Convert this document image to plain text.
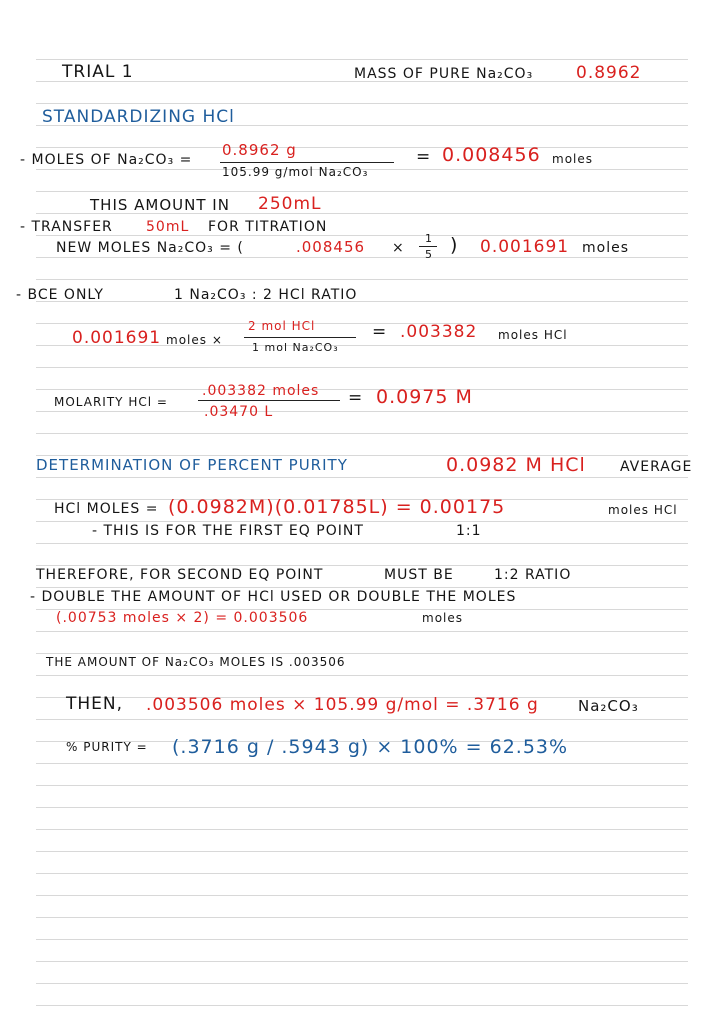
TRIAL 1	MASS OF PURE Na₂CO₃	0.8962
STANDARDIZING HCl
- MOLES OF Na₂CO₃ =
0.8962 g
105.99 g/mol Na₂CO₃
= 0.008456 moles
THIS AMOUNT IN 250mL
- TRANSFER 50mL FOR TITRATION
NEW MOLES Na₂CO₃ = (	.008456 ×
1
5 ) 0.001691 moles
- BCE ONLY	1 Na₂CO₃ : 2 HCl RATIO
0.001691 moles ×
2 mol HCl
1 mol Na₂CO₃
= .003382 moles HCl
MOLARITY HCl =
.003382 moles
.03470 L
= 0.0975 M
DETERMINATION OF PERCENT PURITY	0.0982 M HCl AVERAGE
HCl MOLES = (0.0982M)(0.01785L) = 0.00175	moles HCl
- THIS IS FOR THE FIRST EQ POINT	1:1
THEREFORE, FOR SECOND EQ POINT	MUST BE	1:2 RATIO
- DOUBLE THE AMOUNT OF HCl USED OR DOUBLE THE MOLES
(.00753 moles × 2) = 0.003506	moles
THE AMOUNT OF Na₂CO₃ MOLES IS .003506
THEN, .003506 moles × 105.99 g/mol = .3716 g	Na₂CO₃
% PURITY = (.3716 g / .5943 g) × 100% = 62.53%
